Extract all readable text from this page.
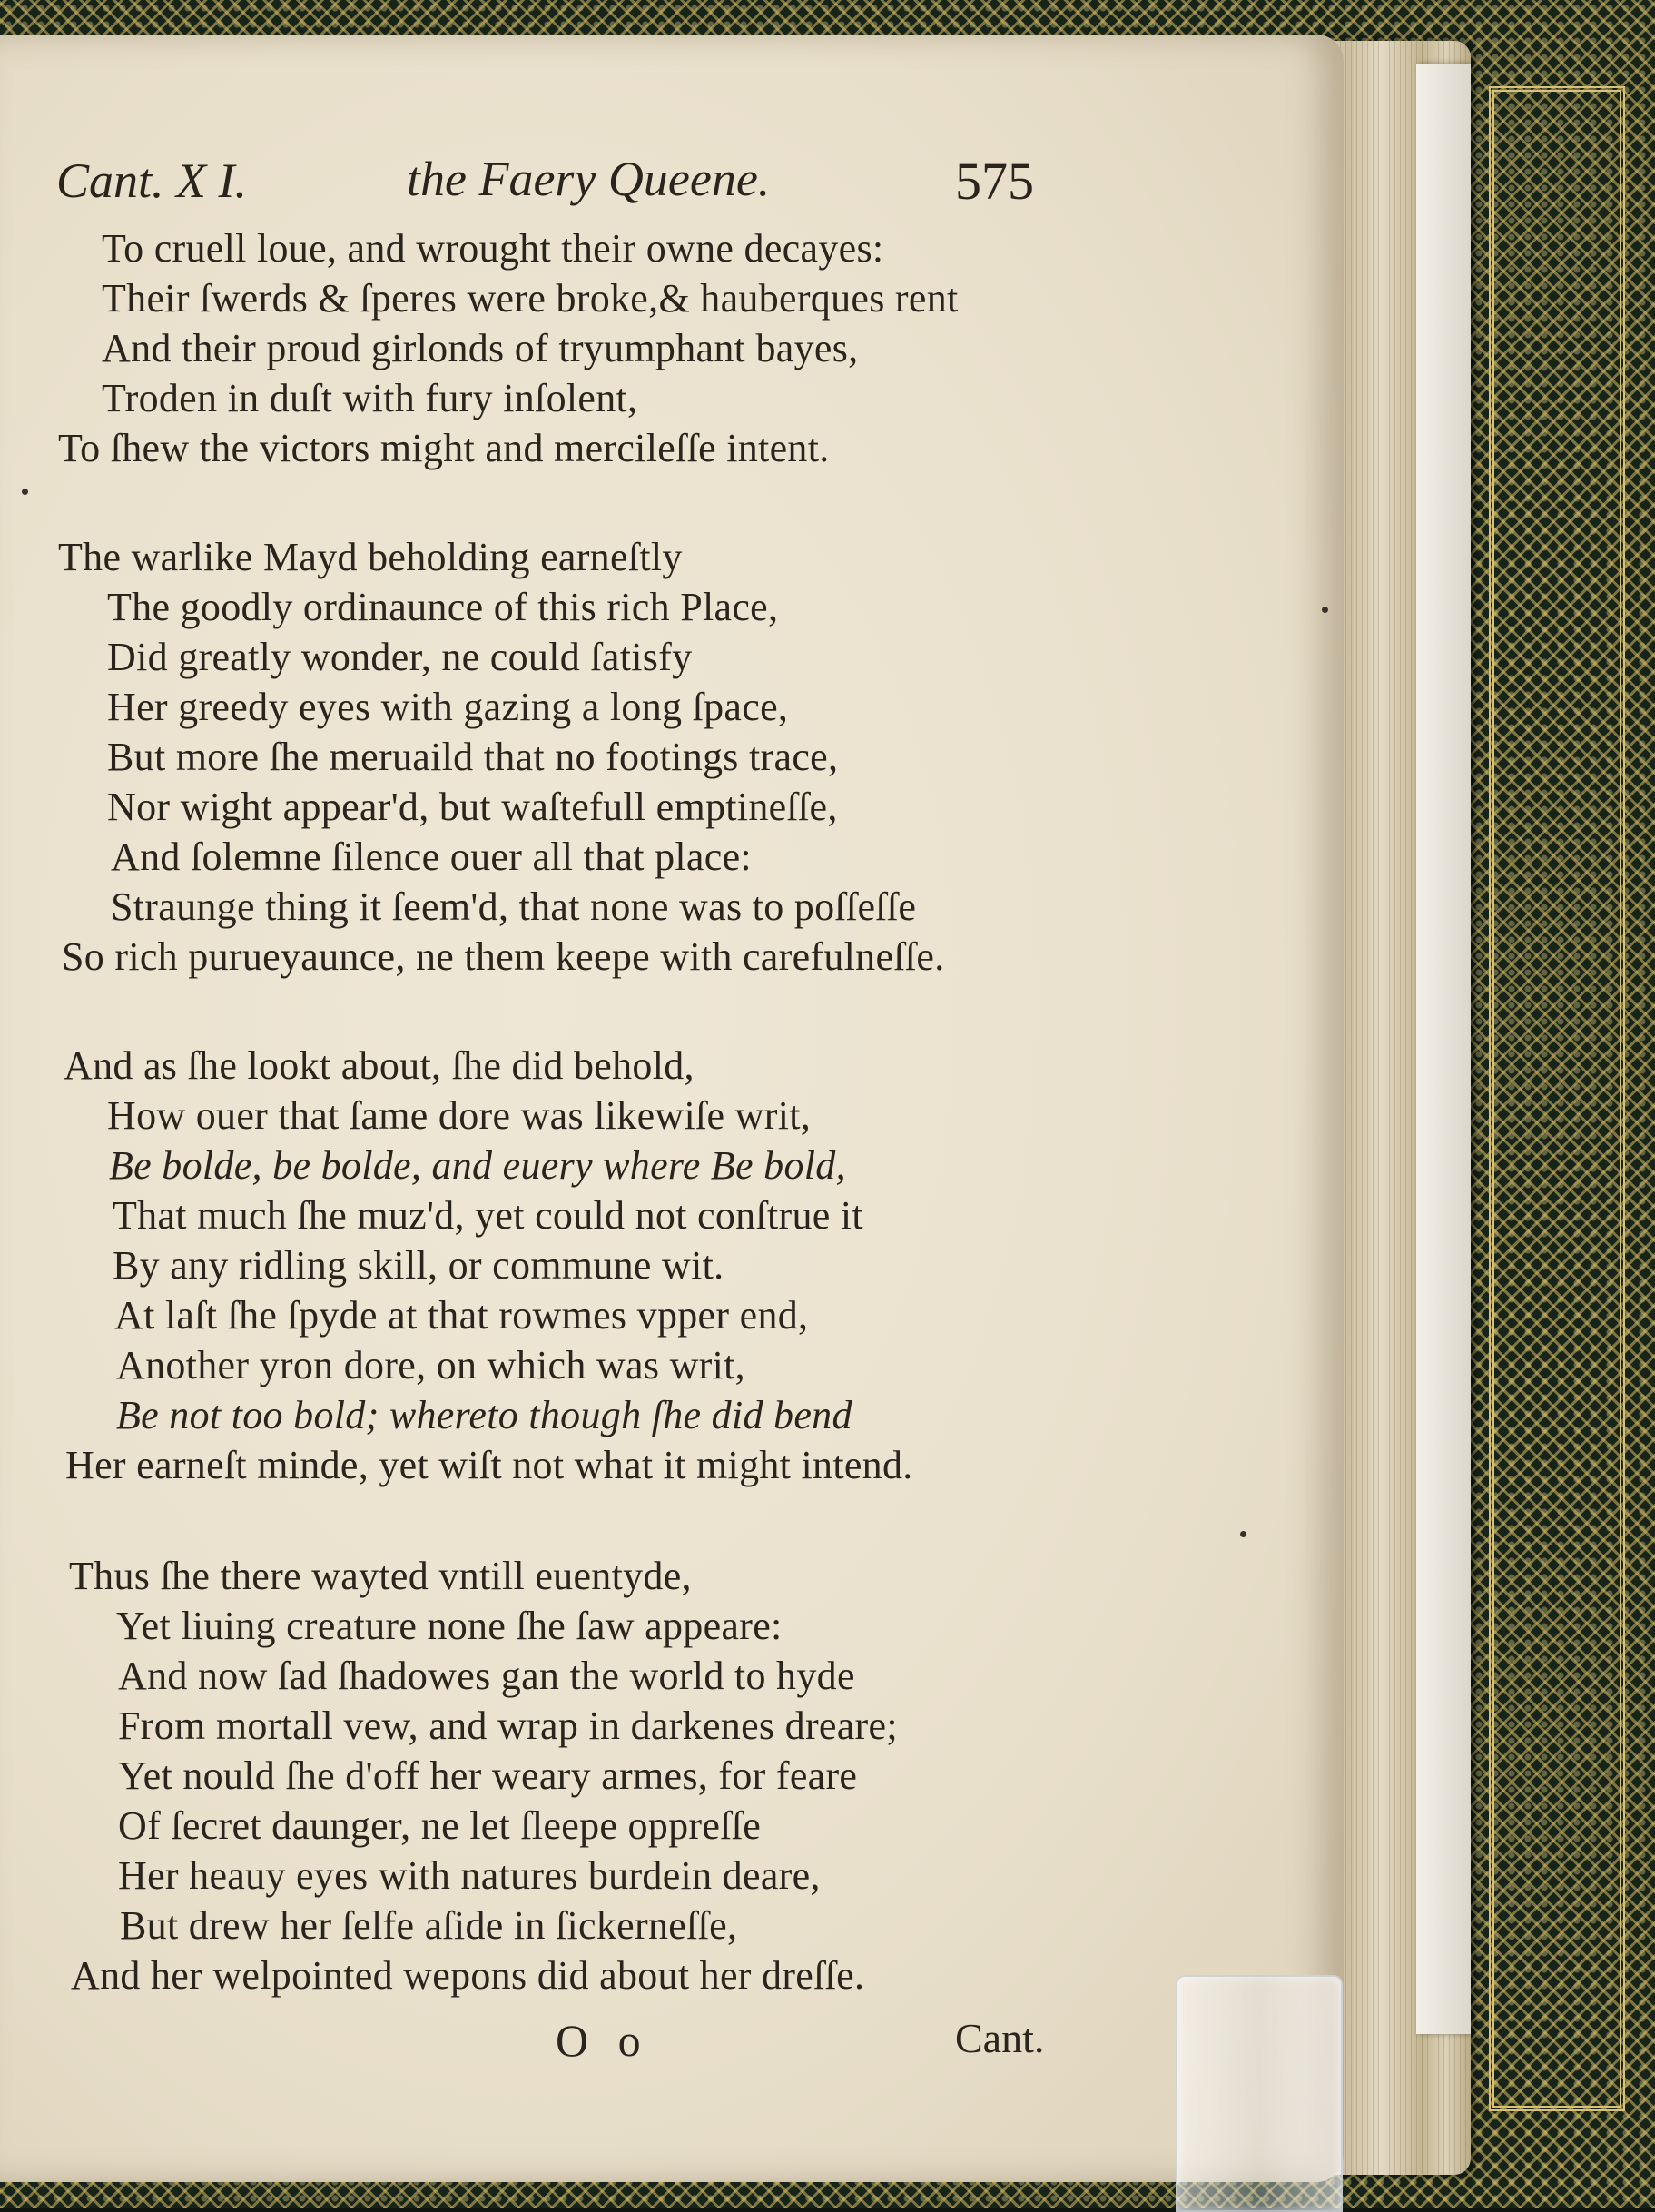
Cant. X I.	the Faery Queene.	575
To cruell loue, and wrought their owne decayes:
Their ſwerds & ſperes were broke,& hauberques rent
And their proud girlonds of tryumphant bayes,
Troden in duſt with fury inſolent,
To ſhew the victors might and mercileſſe intent.
The warlike Mayd beholding earneſtly
The goodly ordinaunce of this rich Place,
Did greatly wonder, ne could ſatisfy
Her greedy eyes with gazing a long ſpace,
But more ſhe meruaild that no footings trace,
Nor wight appear'd, but waſtefull emptineſſe,
And ſolemne ſilence ouer all that place:
Straunge thing it ſeem'd, that none was to poſſeſſe
So rich purueyaunce, ne them keepe with carefulneſſe.
And as ſhe lookt about, ſhe did behold,
How ouer that ſame dore was likewiſe writ,
Be bolde, be bolde, and euery where Be bold,
That much ſhe muz'd, yet could not conſtrue it
By any ridling skill, or commune wit.
At laſt ſhe ſpyde at that rowmes vpper end,
Another yron dore, on which was writ,
Be not too bold; whereto though ſhe did bend
Her earneſt minde, yet wiſt not what it might intend.
Thus ſhe there wayted vntill euentyde,
Yet liuing creature none ſhe ſaw appeare:
And now ſad ſhadowes gan the world to hyde
From mortall vew, and wrap in darkenes dreare;
Yet nould ſhe d'off her weary armes, for feare
Of ſecret daunger, ne let ſleepe oppreſſe
Her heauy eyes with natures burdein deare,
But drew her ſelfe aſide in ſickerneſſe,
And her welpointed wepons did about her dreſſe.
O o	Cant.
